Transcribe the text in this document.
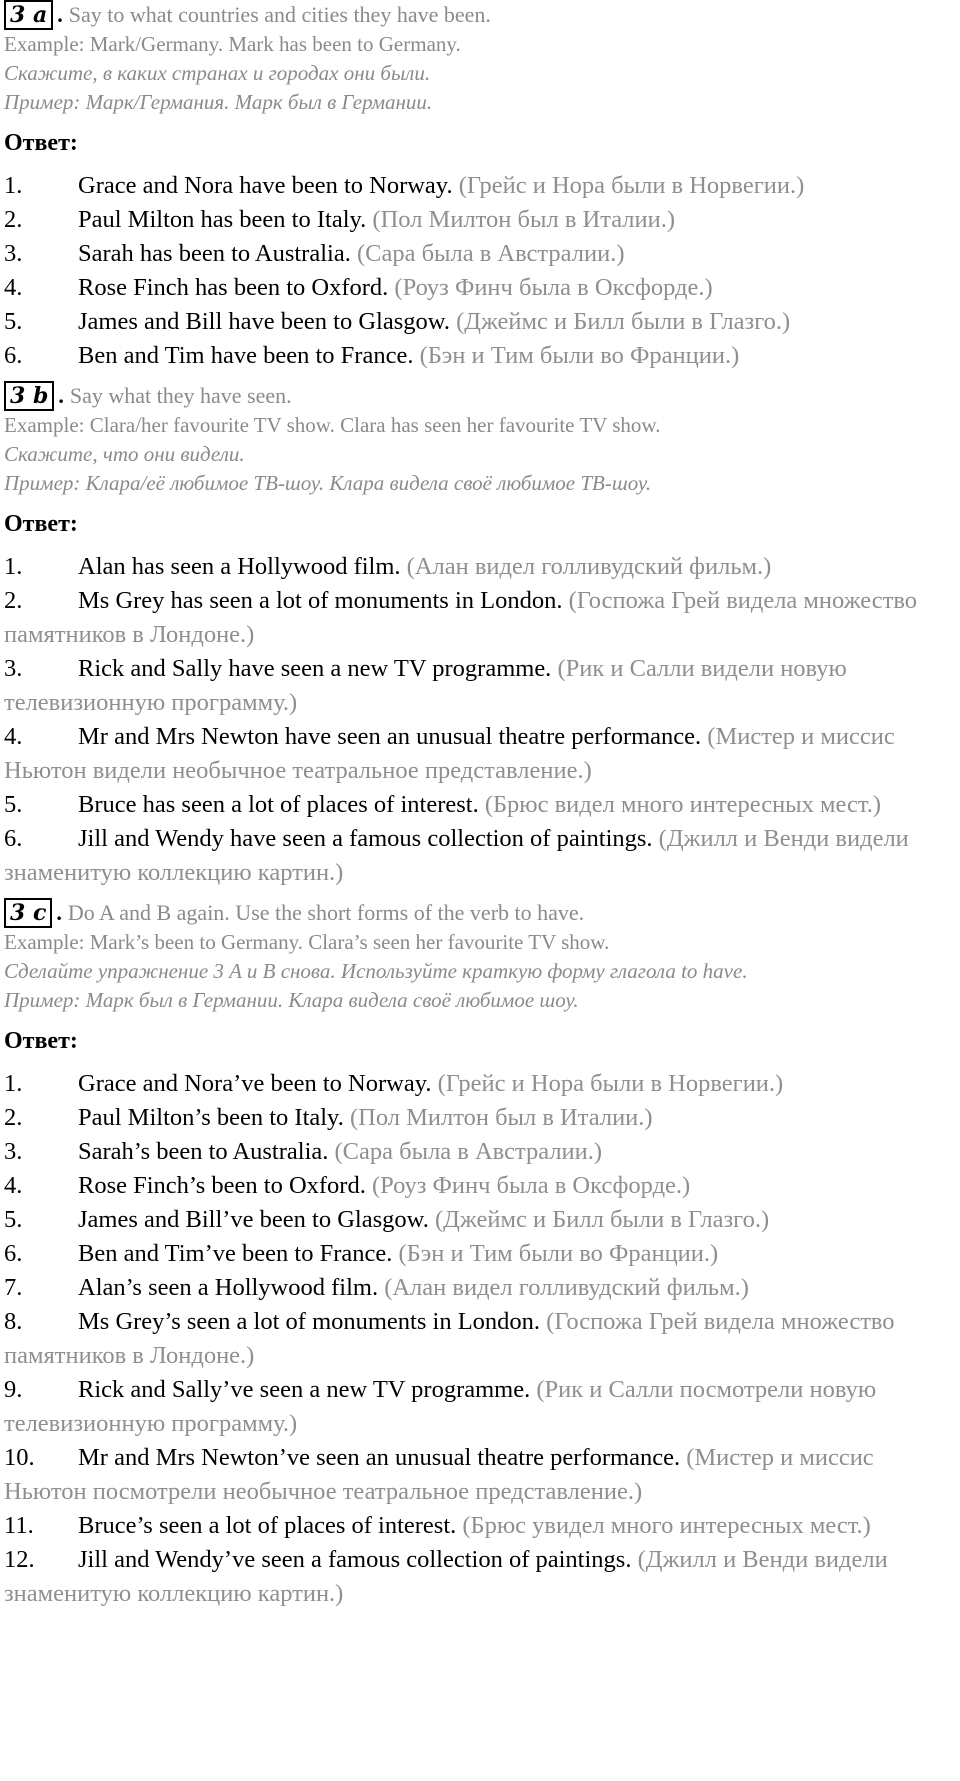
3 a . Say to what countries and cities they have been.
Example: Mark/Germany. Mark has been to Germany.
Скажите, в каких странах и городах они были.
Пример: Марк/Германия. Марк был в Германии.
Ответ:
1. Grace and Nora have been to Norway. (Грейс и Нора были в Норвегии.)
2. Paul Milton has been to Italy. (Пол Милтон был в Италии.)
3. Sarah has been to Australia. (Сара была в Австралии.)
4. Rose Finch has been to Oxford. (Роуз Финч была в Оксфорде.)
5. James and Bill have been to Glasgow. (Джеймс и Билл были в Глазго.)
6. Ben and Tim have been to France. (Бэн и Тим были во Франции.)
3 b . Say what they have seen.
Example: Clara/her favourite TV show. Clara has seen her favourite TV show.
Скажите, что они видели.
Пример: Клара/её любимое ТВ-шоу. Клара видела своё любимое ТВ-шоу.
Ответ:
1. Alan has seen a Hollywood film. (Алан видел голливудский фильм.)
2. Ms Grey has seen a lot of monuments in London. (Госпожа Грей видела множество памятников в Лондоне.)
3. Rick and Sally have seen a new TV programme. (Рик и Салли видели новую телевизионную программу.)
4. Mr and Mrs Newton have seen an unusual theatre performance. (Мистер и миссис Ньютон видели необычное театральное представление.)
5. Bruce has seen a lot of places of interest. (Брюс видел много интересных мест.)
6. Jill and Wendy have seen a famous collection of paintings. (Джилл и Венди видели знаменитую коллекцию картин.)
3 c . Do A and B again. Use the short forms of the verb to have.
Example: Mark’s been to Germany. Clara’s seen her favourite TV show.
Сделайте упражнение 3 A и B снова. Используйте краткую форму глагола to have.
Пример: Марк был в Германии. Клара видела своё любимое шоу.
Ответ:
1. Grace and Nora’ve been to Norway. (Грейс и Нора были в Норвегии.)
2. Paul Milton’s been to Italy. (Пол Милтон был в Италии.)
3. Sarah’s been to Australia. (Сара была в Австралии.)
4. Rose Finch’s been to Oxford. (Роуз Финч была в Оксфорде.)
5. James and Bill’ve been to Glasgow. (Джеймс и Билл были в Глазго.)
6. Ben and Tim’ve been to France. (Бэн и Тим были во Франции.)
7. Alan’s seen a Hollywood film. (Алан видел голливудский фильм.)
8. Ms Grey’s seen a lot of monuments in London. (Госпожа Грей видела множество памятников в Лондоне.)
9. Rick and Sally’ve seen a new TV programme. (Рик и Салли посмотрели новую телевизионную программу.)
10. Mr and Mrs Newton’ve seen an unusual theatre performance. (Мистер и миссис Ньютон посмотрели необычное театральное представление.)
11. Bruce’s seen a lot of places of interest. (Брюс увидел много интересных мест.)
12. Jill and Wendy’ve seen a famous collection of paintings. (Джилл и Венди видели знаменитую коллекцию картин.)
